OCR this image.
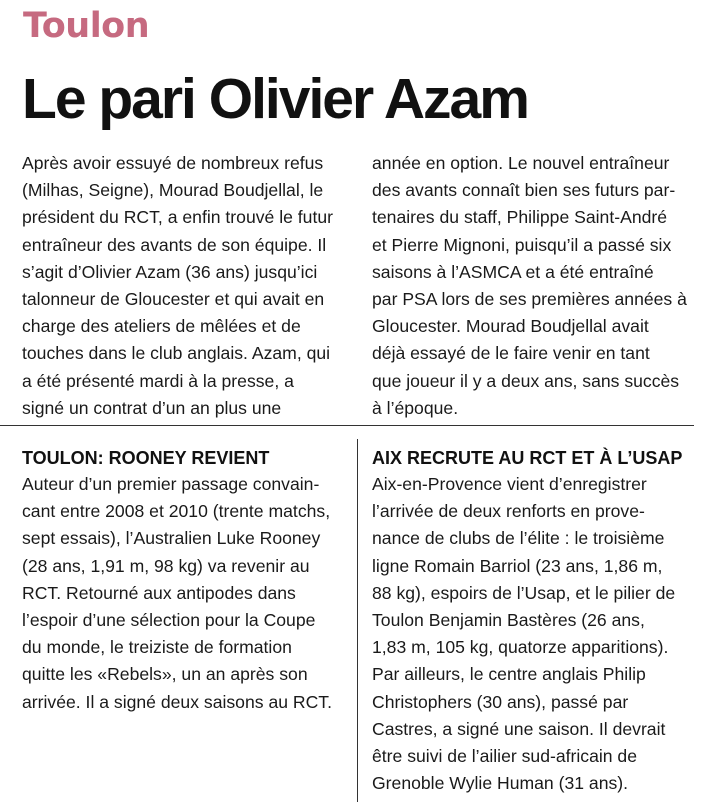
Toulon
Le pari Olivier Azam
Après avoir essuyé de nombreux refus
(Milhas, Seigne), Mourad Boudjellal, le
président du RCT, a enfin trouvé le futur
entraîneur des avants de son équipe. Il
s’agit d’Olivier Azam (36 ans) jusqu’ici
talonneur de Gloucester et qui avait en
charge des ateliers de mêlées et de
touches dans le club anglais. Azam, qui
a été présenté mardi à la presse, a
signé un contrat d’un an plus une
année en option. Le nouvel entraîneur
des avants connaît bien ses futurs par-
tenaires du staff, Philippe Saint-André
et Pierre Mignoni, puisqu’il a passé six
saisons à l’ASMCA et a été entraîné
par PSA lors de ses premières années à
Gloucester. Mourad Boudjellal avait
déjà essayé de le faire venir en tant
que joueur il y a deux ans, sans succès
à l’époque.
TOULON: ROONEY REVIENT
Auteur d’un premier passage convain-
cant entre 2008 et 2010 (trente matchs,
sept essais), l’Australien Luke Rooney
(28 ans, 1,91 m, 98 kg) va revenir au
RCT. Retourné aux antipodes dans
l’espoir d’une sélection pour la Coupe
du monde, le treiziste de formation
quitte les «Rebels», un an après son
arrivée. Il a signé deux saisons au RCT.
AIX RECRUTE AU RCT ET À L’USAP
Aix-en-Provence vient d’enregistrer
l’arrivée de deux renforts en prove-
nance de clubs de l’élite : le troisième
ligne Romain Barriol (23 ans, 1,86 m,
88 kg), espoirs de l’Usap, et le pilier de
Toulon Benjamin Bastères (26 ans,
1,83 m, 105 kg, quatorze apparitions).
Par ailleurs, le centre anglais Philip
Christophers (30 ans), passé par
Castres, a signé une saison. Il devrait
être suivi de l’ailier sud-africain de
Grenoble Wylie Human (31 ans).
